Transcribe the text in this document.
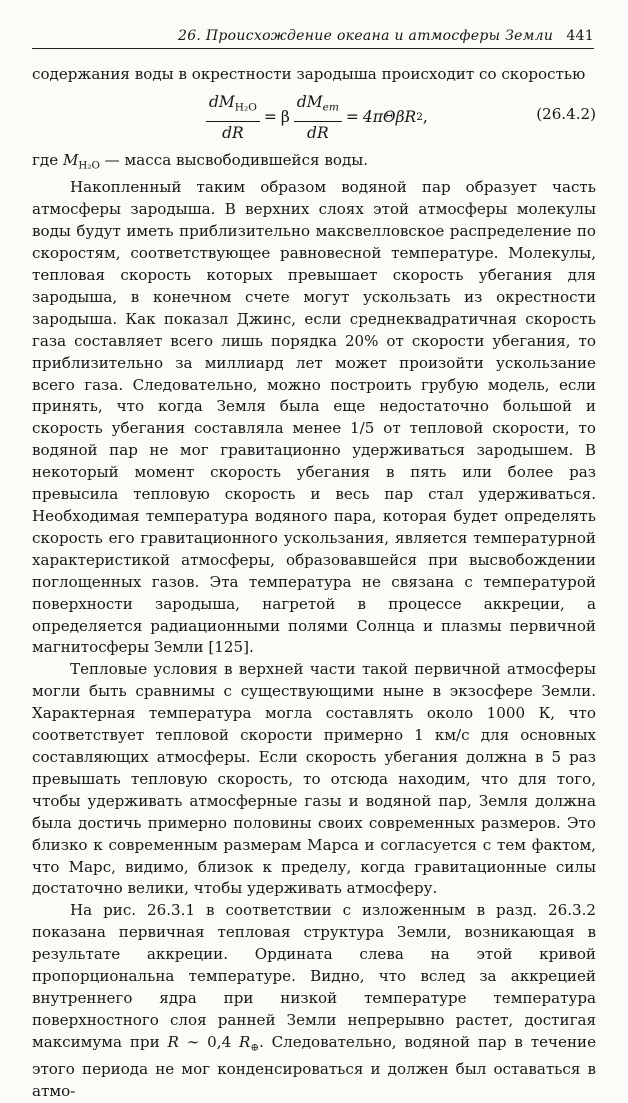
26. Происхождение океана и атмосферы Земли 441

содержания воды в окрестности зародыша происходит со скоростью

$\frac{dM_{H_2O}}{dR} = \beta \frac{dM_{em}}{dR} = 4\pi\Theta\beta R$ 2 ,	(26.4.2)

где $M_{H_2O}$ — масса высвободившейся воды.

Накопленный таким образом водяной пар образует часть атмосферы зародыша. В верхних слоях этой атмосферы молекулы воды будут иметь приблизительно максвелловское распределение по скоростям, соответствующее равновесной температуре. Молекулы, тепловая скорость которых превышает скорость убегания для зародыша, в конечном счете могут ускользать из окрестности зародыша. Как показал Джинс, если среднеквадратичная скорость газа составляет всего лишь порядка 20% от скорости убегания, то приблизительно за миллиард лет может произойти ускользание всего газа. Следовательно, можно построить грубую модель, если принять, что когда Земля была еще недостаточно большой и скорость убегания составляла менее 1/5 от тепловой скорости, то водяной пар не мог гравитационно удерживаться зародышем. В некоторый момент скорость убегания в пять или более раз превысила тепловую скорость и весь пар стал удерживаться. Необходимая температура водяного пара, которая будет определять скорость его гравитационного ускользания, является температурной характеристикой атмосферы, образовавшейся при высвобождении поглощенных газов. Эта температура не связана с температурой поверхности зародыша, нагретой в процессе аккреции, а определяется радиационными полями Солнца и плазмы первичной магнитосферы Земли [125].

Тепловые условия в верхней части такой первичной атмосферы могли быть сравнимы с существующими ныне в экзосфере Земли. Характерная температура могла составлять около 1000 К, что соответствует тепловой скорости примерно 1 км/с для основных составляющих атмосферы. Если скорость убегания должна в 5 раз превышать тепловую скорость, то отсюда находим, что для того, чтобы удерживать атмосферные газы и водяной пар, Земля должна была достичь примерно половины своих современных размеров. Это близко к современным размерам Марса и согласуется с тем фактом, что Марс, видимо, близок к пределу, когда гравитационные силы достаточно велики, чтобы удерживать атмосферу.

На рис. 26.3.1 в соответствии с изложенным в разд. 26.3.2 показана первичная тепловая структура Земли, возникающая в результате аккреции. Ордината слева на этой кривой пропорциональна температуре. Видно, что вслед за аккрецией внутреннего ядра при низкой температуре температура поверхностного слоя ранней Земли непрерывно растет, достигая максимума при R ∼ 0,4 $R_\oplus$. Следовательно, водяной пар в течение этого периода не мог конденсироваться и должен был оставаться в атмо-
